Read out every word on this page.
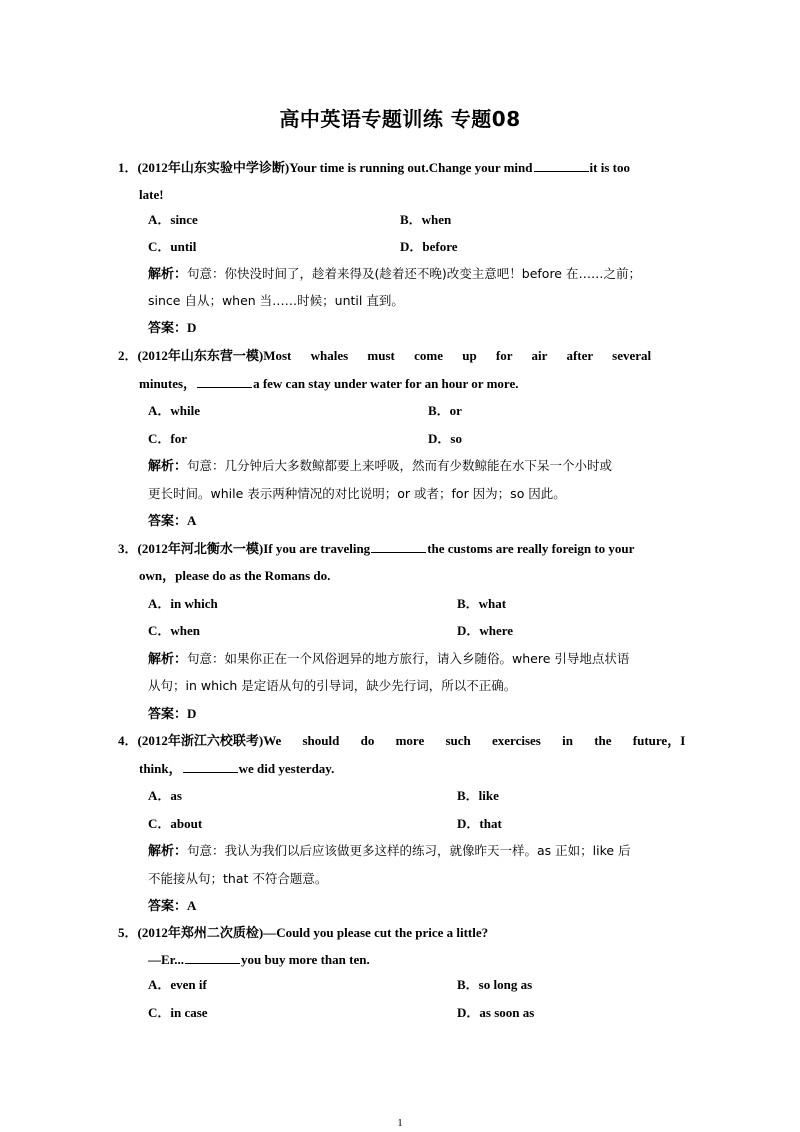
高中英语专题训练 专题08
1．(2012年山东实验中学诊断)Your time is running out.Change your mind	it is too
late!
A．since	B．when
C．until	D．before
解析：句意：你快没时间了，趁着来得及(趁着还不晚)改变主意吧！before 在……之前；
since 自从；when 当……时候；until 直到。
答案：D
2．(2012年山东东营一模)Most whales must come up for air after several
minutes，	a few can stay under water for an hour or more.
A．while	B．or
C．for	D．so
解析：句意：几分钟后大多数鲸都要上来呼吸，然而有少数鲸能在水下呆一个小时或
更长时间。while 表示两种情况的对比说明；or 或者；for 因为；so 因此。
答案：A
3．(2012年河北衡水一模)If you are traveling	the customs are really foreign to your
own，please do as the Romans do.
A．in which	B．what
C．when	D．where
解析：句意：如果你正在一个风俗迥异的地方旅行，请入乡随俗。where 引导地点状语
从句；in which 是定语从句的引导词，缺少先行词，所以不正确。
答案：D
4．(2012年浙江六校联考)We should do more such exercises in the future，I
think，	we did yesterday.
A．as	B．like
C．about	D．that
解析：句意：我认为我们以后应该做更多这样的练习，就像昨天一样。as 正如；like 后
不能接从句；that 不符合题意。
答案：A
5．(2012年郑州二次质检)—Could you please cut the price a little?
—Er...	you buy more than ten.
A．even if	B．so long as
C．in case	D．as soon as
1
